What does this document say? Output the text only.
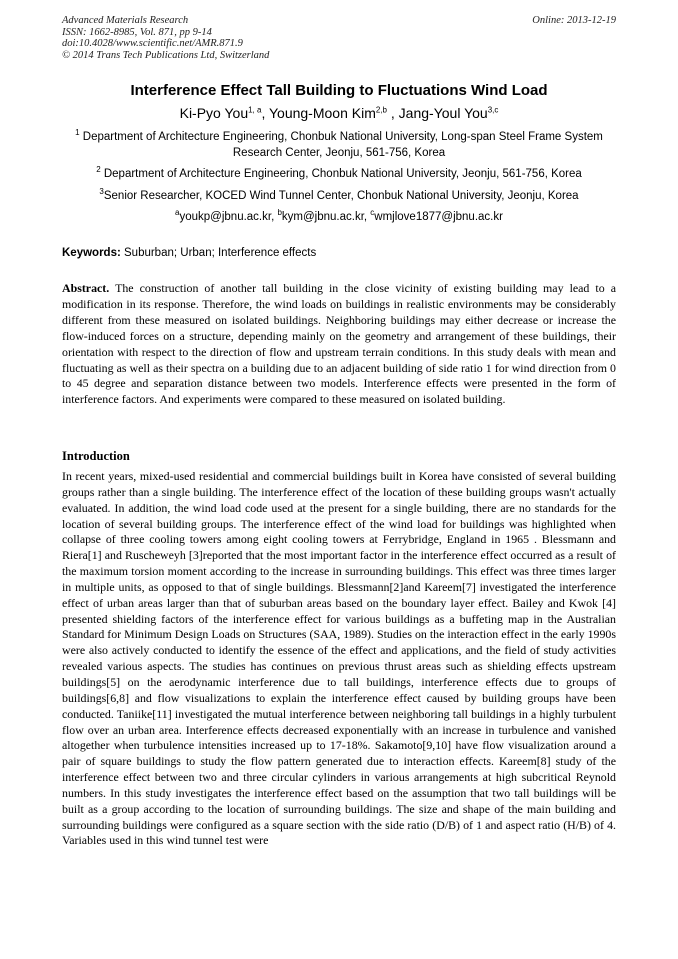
Advanced Materials Research
ISSN: 1662-8985, Vol. 871, pp 9-14
doi:10.4028/www.scientific.net/AMR.871.9
© 2014 Trans Tech Publications Ltd, Switzerland
Online: 2013-12-19
Interference Effect Tall Building to Fluctuations Wind Load
Ki-Pyo You$^{1, a}$, Young-Moon Kim$^{2,b}$ , Jang-Youl You$^{3,c}$
$^1$ Department of Architecture Engineering, Chonbuk National University, Long-span Steel Frame System Research Center, Jeonju, 561-756, Korea
$^2$ Department of Architecture Engineering, Chonbuk National University, Jeonju, 561-756, Korea
$^3$Senior Researcher, KOCED Wind Tunnel Center, Chonbuk National University, Jeonju, Korea
$^a$youkp@jbnu.ac.kr, $^b$kym@jbnu.ac.kr, $^c$wmjlove1877@jbnu.ac.kr
Keywords: Suburban; Urban; Interference effects

Abstract. The construction of another tall building in the close vicinity of existing building may lead to a modification in its response. Therefore, the wind loads on buildings in realistic environments may be considerably different from these measured on isolated buildings. Neighboring buildings may either decrease or increase the flow-induced forces on a structure, depending mainly on the geometry and arrangement of these buildings, their orientation with respect to the direction of flow and upstream terrain conditions. In this study deals with mean and fluctuating as well as their spectra on a building due to an adjacent building of side ratio 1 for wind direction from 0 to 45 degree and separation distance between two models. Interference effects were presented in the form of interference factors. And experiments were compared to these measured on isolated building.

Introduction

In recent years, mixed-used residential and commercial buildings built in Korea have consisted of several building groups rather than a single building. The interference effect of the location of these building groups wasn't actually evaluated. In addition, the wind load code used at the present for a single building, there are no standards for the location of several building groups. The interference effect of the wind load for buildings was highlighted when collapse of three cooling towers among eight cooling towers at Ferrybridge, England in 1965 . Blessmann and Riera[1] and Ruscheweyh [3]reported that the most important factor in the interference effect occurred as a result of the maximum torsion moment according to the increase in surrounding buildings. This effect was three times larger in multiple units, as opposed to that of single buildings. Blessmann[2]and Kareem[7] investigated the interference effect of urban areas larger than that of suburban areas based on the boundary layer effect. Bailey and Kwok [4] presented shielding factors of the interference effect for various buildings as a buffeting map in the Australian Standard for Minimum Design Loads on Structures (SAA, 1989). Studies on the interaction effect in the early 1990s were also actively conducted to identify the essence of the effect and applications, and the field of study activities revealed various aspects. The studies has continues on previous thrust areas such as shielding effects upstream buildings[5] on the aerodynamic interference due to tall buildings, interference effects due to groups of buildings[6,8] and flow visualizations to explain the interference effect caused by building groups have been conducted. Taniike[11] investigated the mutual interference between neighboring tall buildings in a highly turbulent flow over an urban area. Interference effects decreased exponentially with an increase in turbulence and vanished altogether when turbulence intensities increased up to 17-18%. Sakamoto[9,10] have flow visualization around a pair of square buildings to study the flow pattern generated due to interaction effects. Kareem[8] study of the interference effect between two and three circular cylinders in various arrangements at high subcritical Reynold numbers. In this study investigates the interference effect based on the assumption that two tall buildings will be built as a group according to the location of surrounding buildings. The size and shape of the main building and surrounding buildings were configured as a square section with the side ratio (D/B) of 1 and aspect ratio (H/B) of 4. Variables used in this wind tunnel test were
